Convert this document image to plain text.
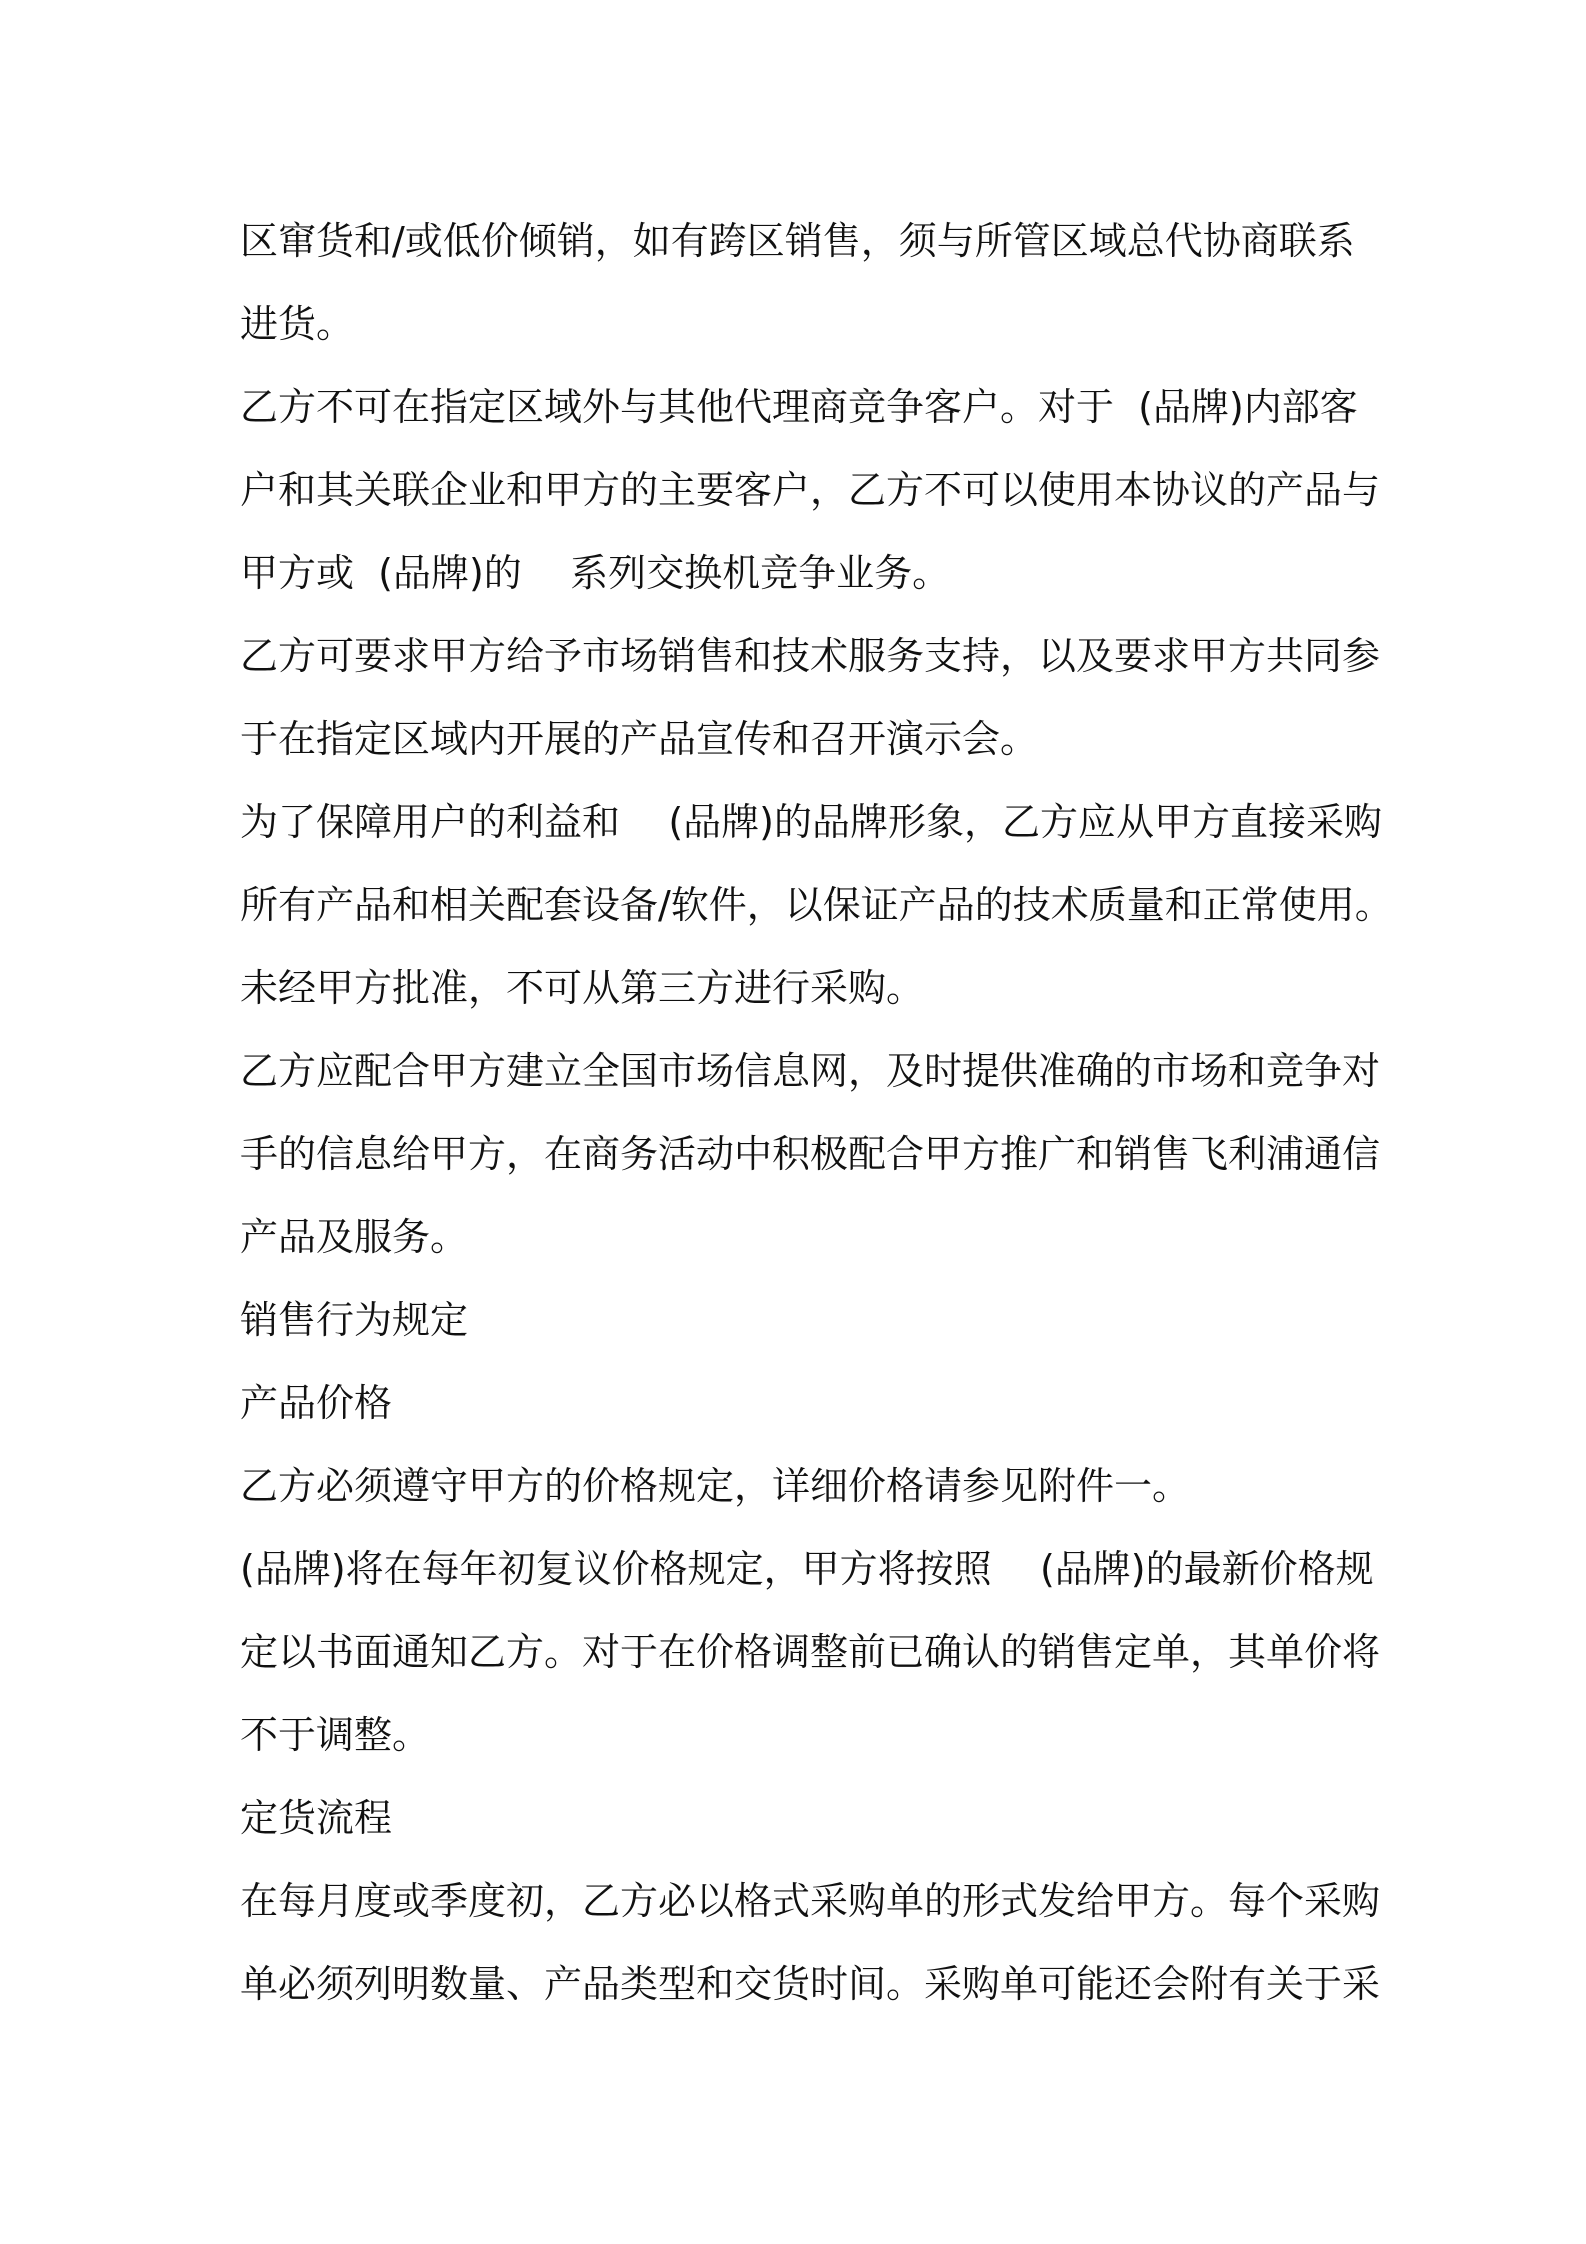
区窜货和/或低价倾销，如有跨区销售，须与所管区域总代协商联系
进货。
乙方不可在指定区域外与其他代理商竞争客户。对于  (品牌)内部客
户和其关联企业和甲方的主要客户，乙方不可以使用本协议的产品与
甲方或  (品牌)的    系列交换机竞争业务。
乙方可要求甲方给予市场销售和技术服务支持，以及要求甲方共同参
于在指定区域内开展的产品宣传和召开演示会。
为了保障用户的利益和    (品牌)的品牌形象，乙方应从甲方直接采购
所有产品和相关配套设备/软件，以保证产品的技术质量和正常使用。
未经甲方批准，不可从第三方进行采购。
乙方应配合甲方建立全国市场信息网，及时提供准确的市场和竞争对
手的信息给甲方，在商务活动中积极配合甲方推广和销售飞利浦通信
产品及服务。
销售行为规定
产品价格
乙方必须遵守甲方的价格规定，详细价格请参见附件一。
(品牌)将在每年初复议价格规定，甲方将按照    (品牌)的最新价格规
定以书面通知乙方。对于在价格调整前已确认的销售定单，其单价将
不于调整。
定货流程
在每月度或季度初，乙方必以格式采购单的形式发给甲方。每个采购
单必须列明数量、产品类型和交货时间。采购单可能还会附有关于采
